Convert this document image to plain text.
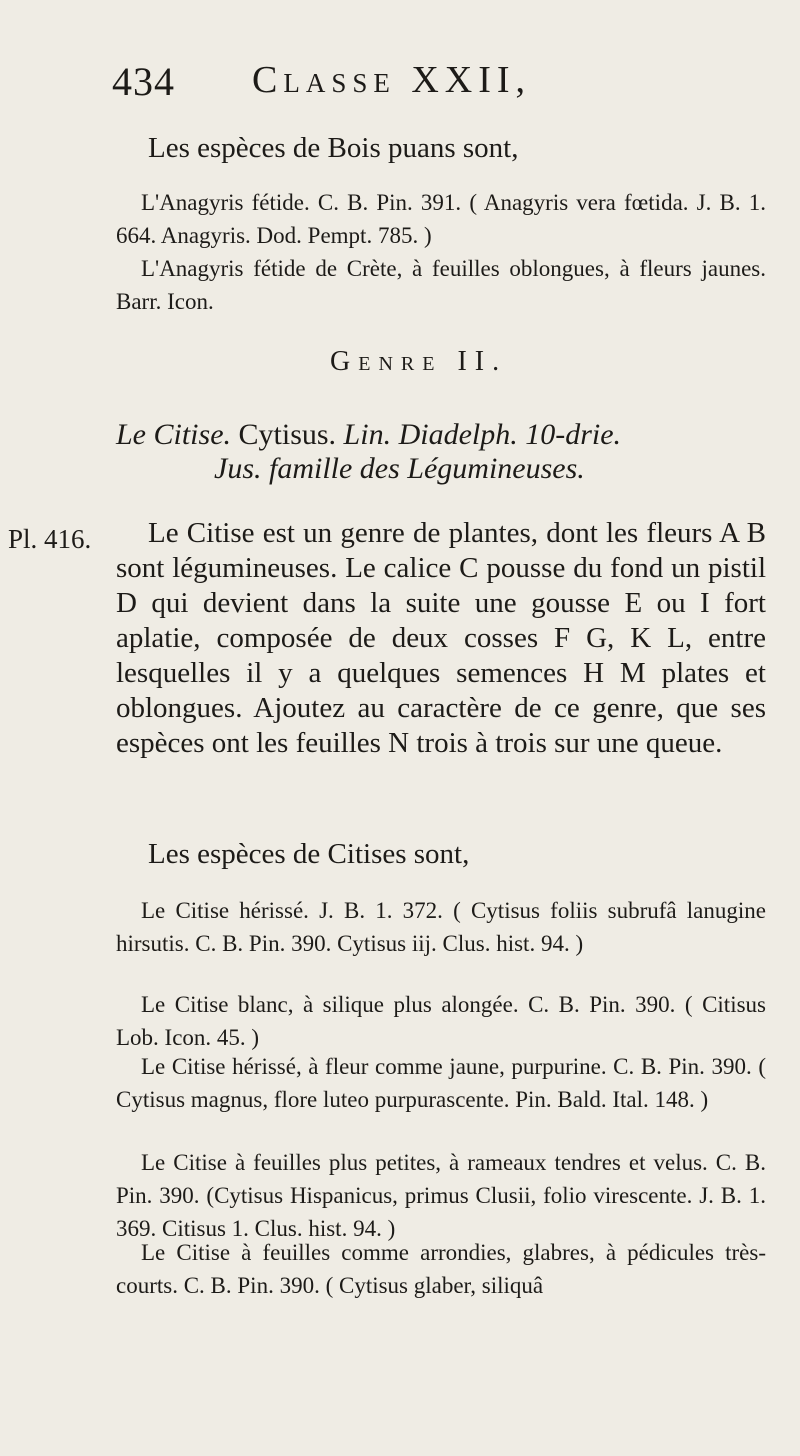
434 Classe XXII,
Les espèces de Bois puans sont,

L'Anagyris fétide. C. B. Pin. 391. ( Anagyris vera fœtida. J. B. 1. 664. Anagyris. Dod. Pempt. 785. )

L'Anagyris fétide de Crète, à feuilles oblongues, à fleurs jaunes. Barr. Icon.

Genre II.
Le Citise. Cytisus. Lin. Diadelph. 10-drie.
Jus. famille des Légumineuses.
Pl. 416.	Le Citise est un genre de plantes, dont les fleurs A B sont légumineuses. Le calice C pousse du fond un pistil D qui devient dans la suite une gousse E ou I fort aplatie, composée de deux cosses F G, K L, entre lesquelles il y a quelques semences H M plates et oblongues. Ajoutez au caractère de ce genre, que ses espèces ont les feuilles N trois à trois sur une queue.

Les espèces de Citises sont,

Le Citise hérissé. J. B. 1. 372. ( Cytisus foliis subrufâ lanugine hirsutis. C. B. Pin. 390. Cytisus iij. Clus. hist. 94. )

Le Citise blanc, à silique plus alongée. C. B. Pin. 390. ( Citisus Lob. Icon. 45. )

Le Citise hérissé, à fleur comme jaune, purpurine. C. B. Pin. 390. ( Cytisus magnus, flore luteo purpurascente. Pin. Bald. Ital. 148. )

Le Citise à feuilles plus petites, à rameaux tendres et velus. C. B. Pin. 390. (Cytisus Hispanicus, primus Clusii, folio virescente. J. B. 1. 369. Citisus 1. Clus. hist. 94. )

Le Citise à feuilles comme arrondies, glabres, à pédicules très-courts. C. B. Pin. 390. ( Cytisus glaber, siliquâ
